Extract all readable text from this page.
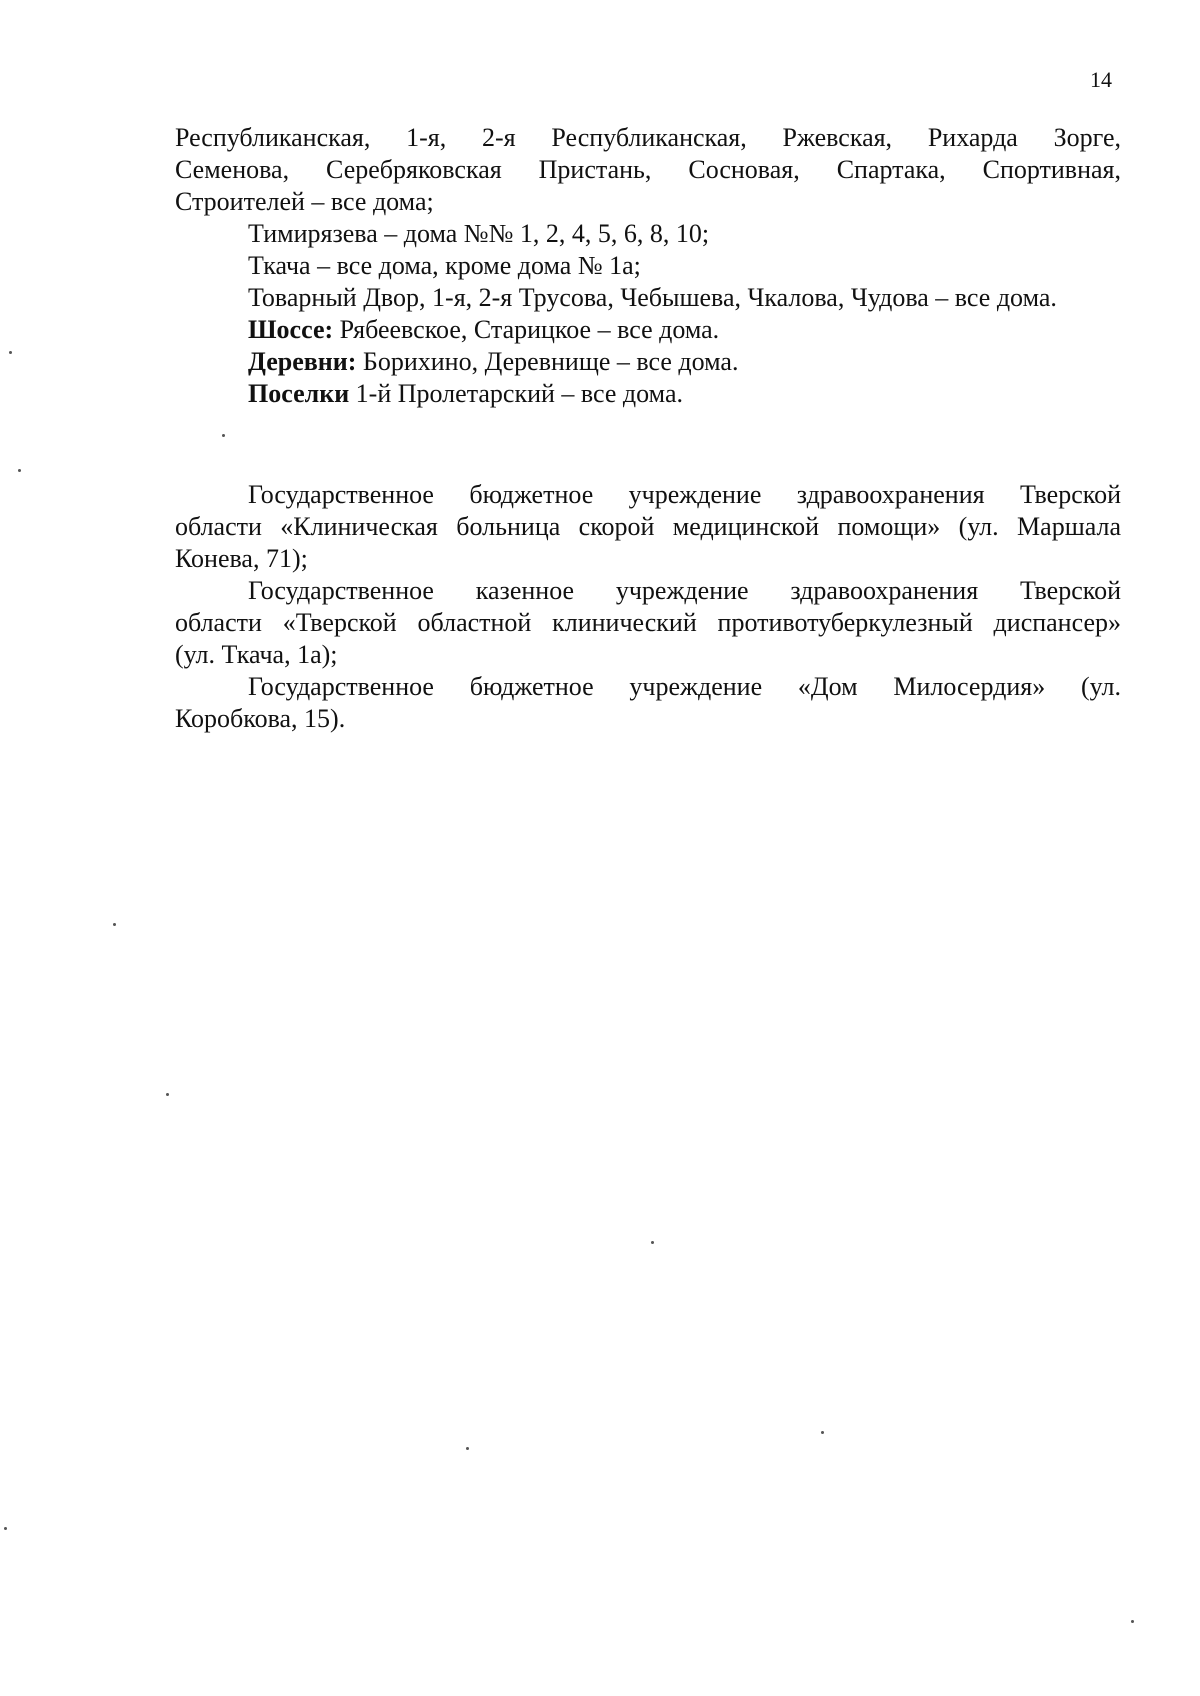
14

Республиканская, 1-я, 2-я Республиканская, Ржевская, Рихарда Зорге,
Семенова, Серебряковская Пристань, Сосновая, Спартака, Спортивная,
Строителей – все дома;
Тимирязева – дома №№ 1, 2, 4, 5, 6, 8, 10;
Ткача – все дома, кроме дома № 1а;
Товарный Двор, 1-я, 2-я Трусова, Чебышева, Чкалова, Чудова – все дома.
Шоссе: Рябеевское, Старицкое – все дома.
Деревни: Борихино, Деревнище – все дома.
Поселки 1-й Пролетарский – все дома.
Государственное бюджетное учреждение здравоохранения Тверской
области «Клиническая больница скорой медицинской помощи» (ул. Маршала
Конева, 71);
Государственное казенное учреждение здравоохранения Тверской
области «Тверской областной клинический противотуберкулезный диспансер»
(ул. Ткача, 1а);
Государственное бюджетное учреждение «Дом Милосердия» (ул.
Коробкова, 15).
